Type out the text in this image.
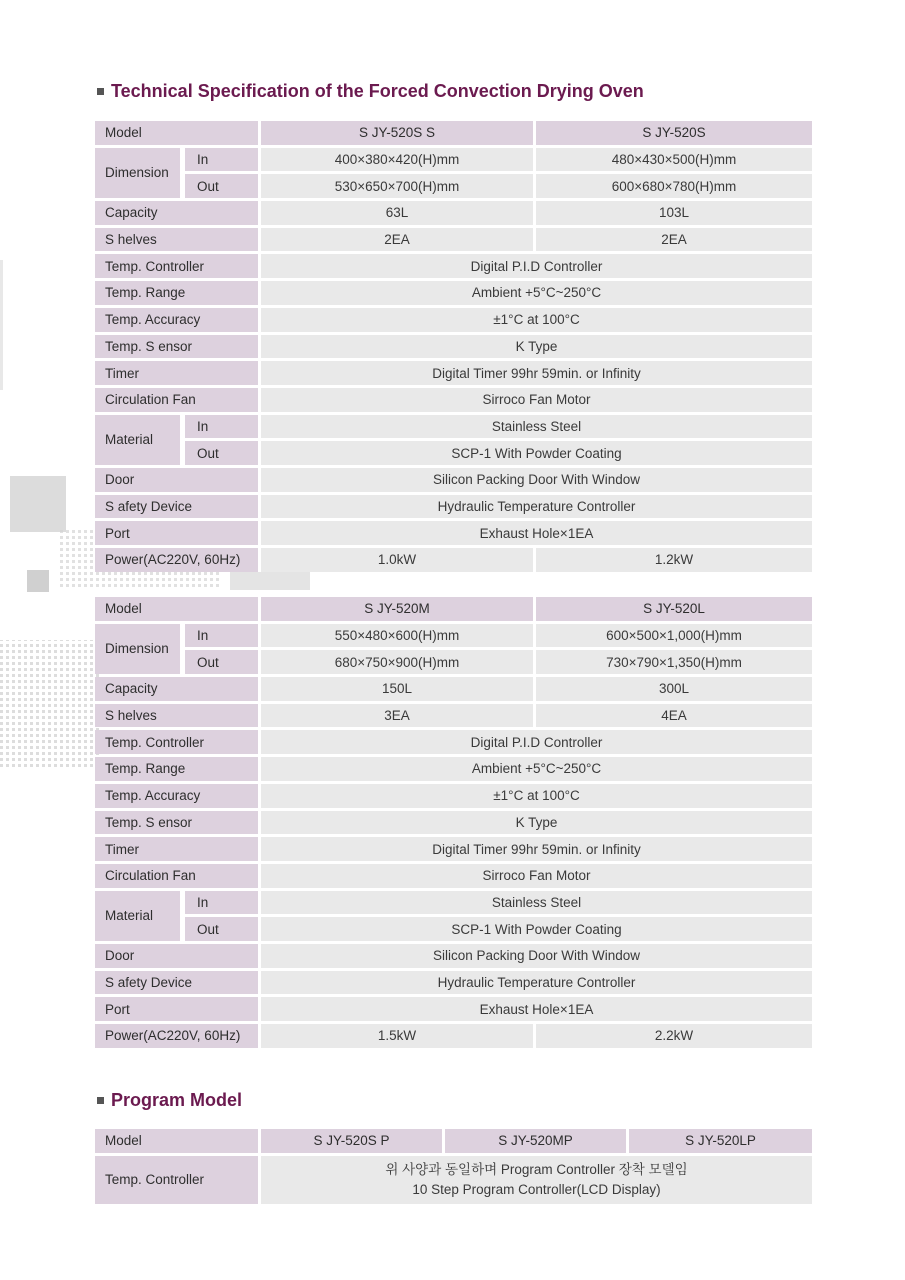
Technical Specification of the Forced Convection Drying Oven
Model		S JY-520S S	S JY-520S
Dimension	In	400×380×420(H)mm	480×430×500(H)mm
	Out	530×650×700(H)mm	600×680×780(H)mm
Capacity		63L	103L
S helves		2EA	2EA
Temp. Controller		Digital P.I.D Controller	
Temp. Range		Ambient +5°C~250°C	
Temp. Accuracy		±1°C at 100°C	
Temp. S ensor		K Type	
Timer		Digital Timer 99hr 59min. or Infinity	
Circulation Fan		Sirroco Fan Motor	
Material	In	Stainless Steel	
	Out	SCP-1 With Powder Coating	
Door		Silicon Packing Door With Window	
S afety Device		Hydraulic Temperature Controller	
Port		Exhaust Hole×1EA	
Power(AC220V, 60Hz)		1.0kW	1.2kW
Model		S JY-520M	S JY-520L
Dimension	In	550×480×600(H)mm	600×500×1,000(H)mm
	Out	680×750×900(H)mm	730×790×1,350(H)mm
Capacity		150L	300L
S helves		3EA	4EA
Temp. Controller		Digital P.I.D Controller	
Temp. Range		Ambient +5°C~250°C	
Temp. Accuracy		±1°C at 100°C	
Temp. S ensor		K Type	
Timer		Digital Timer 99hr 59min. or Infinity	
Circulation Fan		Sirroco Fan Motor	
Material	In	Stainless Steel	
	Out	SCP-1 With Powder Coating	
Door		Silicon Packing Door With Window	
S afety Device		Hydraulic Temperature Controller	
Port		Exhaust Hole×1EA	
Power(AC220V, 60Hz)		1.5kW	2.2kW
Program Model
Model	S JY-520S P	S JY-520MP	S JY-520LP
Temp. Controller	위 사양과 동일하며 Program Controller 장착 모델임
10 Step Program Controller(LCD Display)		
